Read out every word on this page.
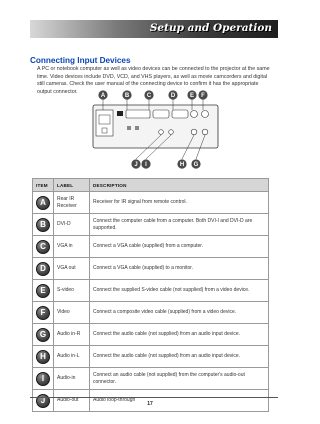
Setup and Operation
Connecting Input Devices

A PC or notebook computer as well as video devices can be connected to the projector at the same time. Video devices include DVD, VCD, and VHS players, as well as movie camcorders and digital still cameras. Check the user manual of the connecting device to confirm it has the appropriate output connector.

A	B	C	D E F
J I	H G
ITEM	LABEL	DESCRIPTION
A	Rear IR Receiver	Receiver for IR signal from remote control.
B	DVI-D	Connect the computer cable from a computer. Both DVI-I and DVI-D are supported.
C	VGA in	Connect a VGA cable (supplied) from a computer.
D	VGA out	Connect a VGA cable (supplied) to a monitor.
E	S-video	Connect the supplied S-video cable (not supplied) from a video device.
F	Video	Connect a composite video cable (supplied) from a video device.
G	Audio in-R	Connect the audio cable (not supplied) from an audio input device.
H	Audio in-L	Connect the audio cable (not supplied) from an audio input device.
I	Audio-in	Connect an audio cable (not supplied) from the computer's audio-out connector.
J	Audio-out	Audio loop-through
17
